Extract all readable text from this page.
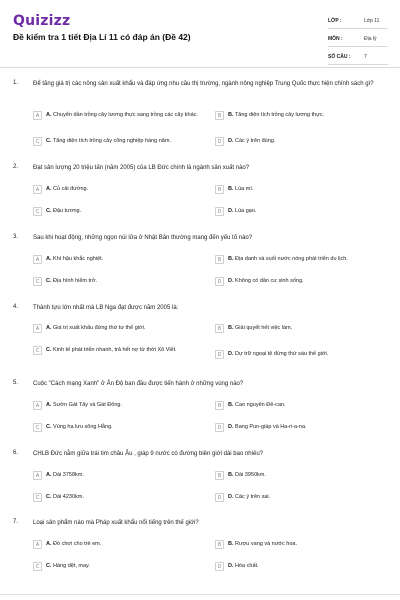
Quizizz
Đề kiểm tra 1 tiết Địa Lí 11 có đáp án (Đề 42)
LỚP :	Lớp 11
MÔN :	Địa lý
SỐ CÂU :	7
1. Để tăng giá trị các nông sản xuất khẩu và đáp ứng nhu cầu thị trường, ngành nông nghiệp Trung Quốc thực hiện chính sách gì?
A	A. Chuyển dần trồng cây lương thực sang trồng các cây khác.	B	B. Tăng diện tích trồng cây lương thực.
C	C. Tăng diện tích trồng cây công nghiệp hàng năm.	D	D. Các ý trên đúng.
2. Đạt sản lượng 20 triệu tấn (năm 2005) của LB Đức chính là ngành sản xuất nào?
A	A. Củ cải đường.	B	B. Lúa mì.
C	C. Đậu tương.	D	D. Lúa gạo.
3. Sau khi hoạt động, những ngọn núi lửa ở Nhật Bản thường mang đến yếu tố nào?
A	A. Khí hậu khắc nghiệt.	B	B. Địa danh và suối nước nóng phát triển du lịch.
C	C. Địa hình hiểm trở.	D	D. Không có dân cư sinh sống.
4. Thành tựu lớn nhất mà LB Nga đạt được năm 2005 là:
A	A. Giá trị xuất khẩu đứng thứ tư thế giới.	B	B. Giải quyết hết việc làm.
C	C. Kinh tế phát triển nhanh, trả hết nợ từ thời Xô Viết.
D	D. Dự trữ ngoại tệ đứng thứ sáu thế giới.
5. Cuộc "Cách mạng Xanh" ở Ấn Độ ban đầu được tiến hành ở những vùng nào?
A	A. Sườn Gát Tây và Gát Đông.	B	B. Cao nguyên Đê-can.
C	C. Vùng hạ lưu sông Hằng.	D	D. Bang Pun-giáp và Ha-ri-a-na.
6. CHLB Đức nằm giữa trái tim châu Âu , giáp 9 nước có đường biên giới dài bao nhiêu?
A	A. Dài 3758km.	B	B. Dài 3950km.
C	C. Dài 4230km.	D	D. Các ý trên sai.
7. Loại sản phẩm nào mà Pháp xuất khẩu nổi tiếng trên thế giới?
A	A. Đồ chơi cho trẻ em.	B	B. Rượu vang và nước hoa.
C	C. Hàng dệt, may.	D	D. Hóa chất.
